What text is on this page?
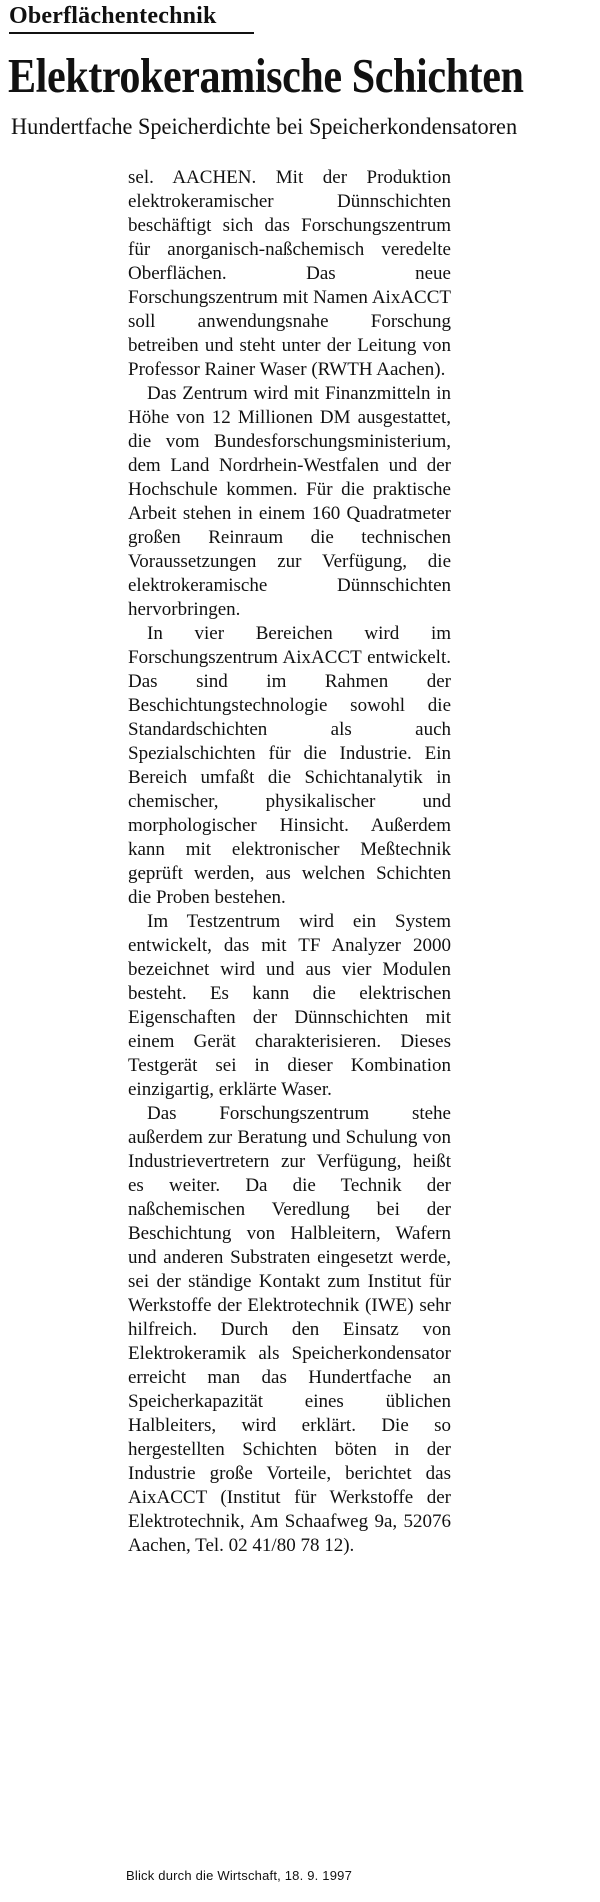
Oberflächentechnik
Elektrokeramische Schichten
Hundertfache Speicherdichte bei Speicherkondensatoren

sel. AACHEN. Mit der Produktion elektrokeramischer Dünnschichten beschäftigt sich das Forschungszentrum für anorganisch-naßchemisch veredelte Oberflächen. Das neue Forschungszentrum mit Namen AixACCT soll anwendungsnahe Forschung betreiben und steht unter der Leitung von Professor Rainer Waser (RWTH Aachen).

Das Zentrum wird mit Finanzmitteln in Höhe von 12 Millionen DM ausgestattet, die vom Bundesforschungsministerium, dem Land Nordrhein-Westfalen und der Hochschule kommen. Für die praktische Arbeit stehen in einem 160 Quadratmeter großen Reinraum die technischen Voraussetzungen zur Verfügung, die elektrokeramische Dünnschichten hervorbringen.

In vier Bereichen wird im Forschungszentrum AixACCT entwickelt. Das sind im Rahmen der Beschichtungstechnologie sowohl die Standardschichten als auch Spezialschichten für die Industrie. Ein Bereich umfaßt die Schichtanalytik in chemischer, physikalischer und morphologischer Hinsicht. Außerdem kann mit elektronischer Meßtechnik geprüft werden, aus welchen Schichten die Proben bestehen.

Im Testzentrum wird ein System entwickelt, das mit TF Analyzer 2000 bezeichnet wird und aus vier Modulen besteht. Es kann die elektrischen Eigenschaften der Dünnschichten mit einem Gerät charakterisieren. Dieses Testgerät sei in dieser Kombination einzigartig, erklärte Waser.

Das Forschungszentrum stehe außerdem zur Beratung und Schulung von Industrievertretern zur Verfügung, heißt es weiter. Da die Technik der naßchemischen Veredlung bei der Beschichtung von Halbleitern, Wafern und anderen Substraten eingesetzt werde, sei der ständige Kontakt zum Institut für Werkstoffe der Elektrotechnik (IWE) sehr hilfreich. Durch den Einsatz von Elektrokeramik als Speicherkondensator erreicht man das Hundertfache an Speicherkapazität eines üblichen Halbleiters, wird erklärt. Die so hergestellten Schichten böten in der Industrie große Vorteile, berichtet das AixACCT (Institut für Werkstoffe der Elektrotechnik, Am Schaafweg 9a, 52076 Aachen, Tel. 02 41/80 78 12).

Blick durch die Wirtschaft, 18. 9. 1997
